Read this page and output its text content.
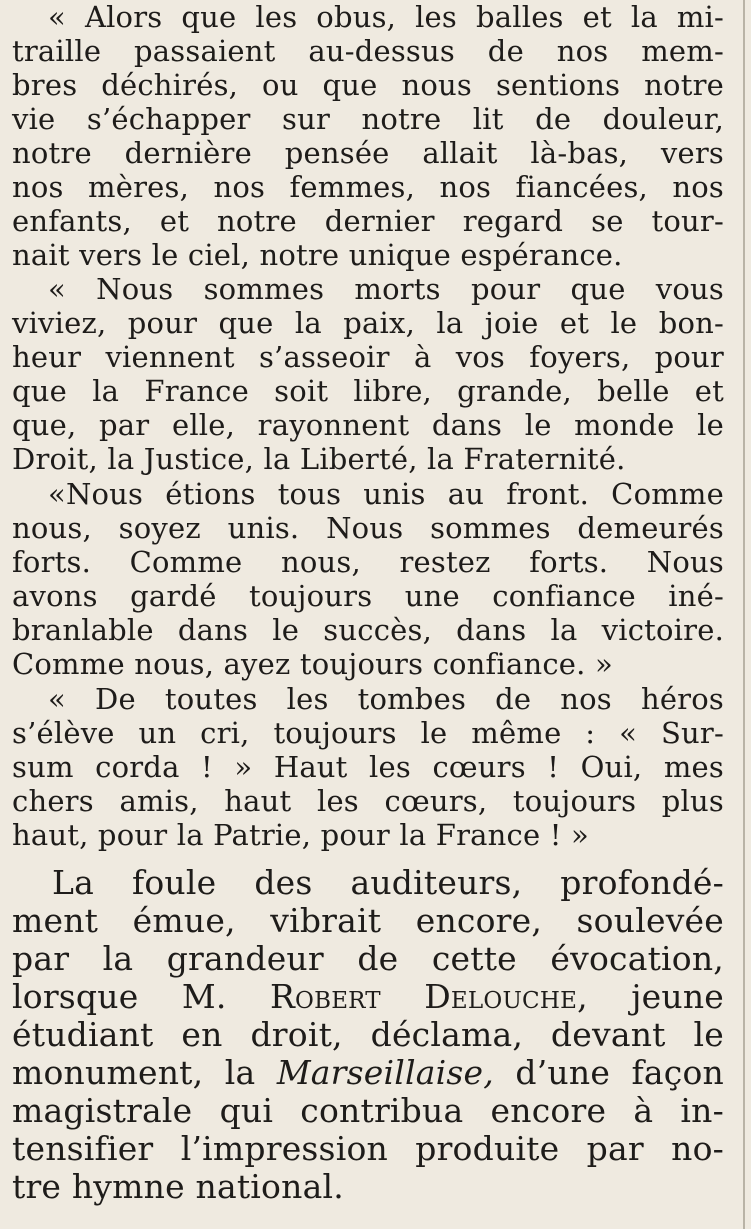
« Alors que les obus, les balles et la mi-
traille passaient au-dessus de nos mem-
bres déchirés, ou que nous sentions notre
vie s’échapper sur notre lit de douleur,
notre dernière pensée allait là-bas, vers
nos mères, nos femmes, nos fiancées, nos
enfants, et notre dernier regard se tour-
nait vers le ciel, notre unique espérance.
« Nous sommes morts pour que vous
viviez, pour que la paix, la joie et le bon-
heur viennent s’asseoir à vos foyers, pour
que la France soit libre, grande, belle et
que, par elle, rayonnent dans le monde le
Droit, la Justice, la Liberté, la Fraternité.
«Nous étions tous unis au front. Comme
nous, soyez unis. Nous sommes demeurés
forts. Comme nous, restez forts. Nous
avons gardé toujours une confiance iné-
branlable dans le succès, dans la victoire.
Comme nous, ayez toujours confiance. »
« De toutes les tombes de nos héros
s’élève un cri, toujours le même : « Sur-
sum corda ! » Haut les cœurs ! Oui, mes
chers amis, haut les cœurs, toujours plus
haut, pour la Patrie, pour la France ! »
La foule des auditeurs, profondé-
ment émue, vibrait encore, soulevée
par la grandeur de cette évocation,
lorsque M. Robert Delouche, jeune
étudiant en droit, déclama, devant le
monument, la Marseillaise, d’une façon
magistrale qui contribua encore à in-
tensifier l’impression produite par no-
tre hymne national.
